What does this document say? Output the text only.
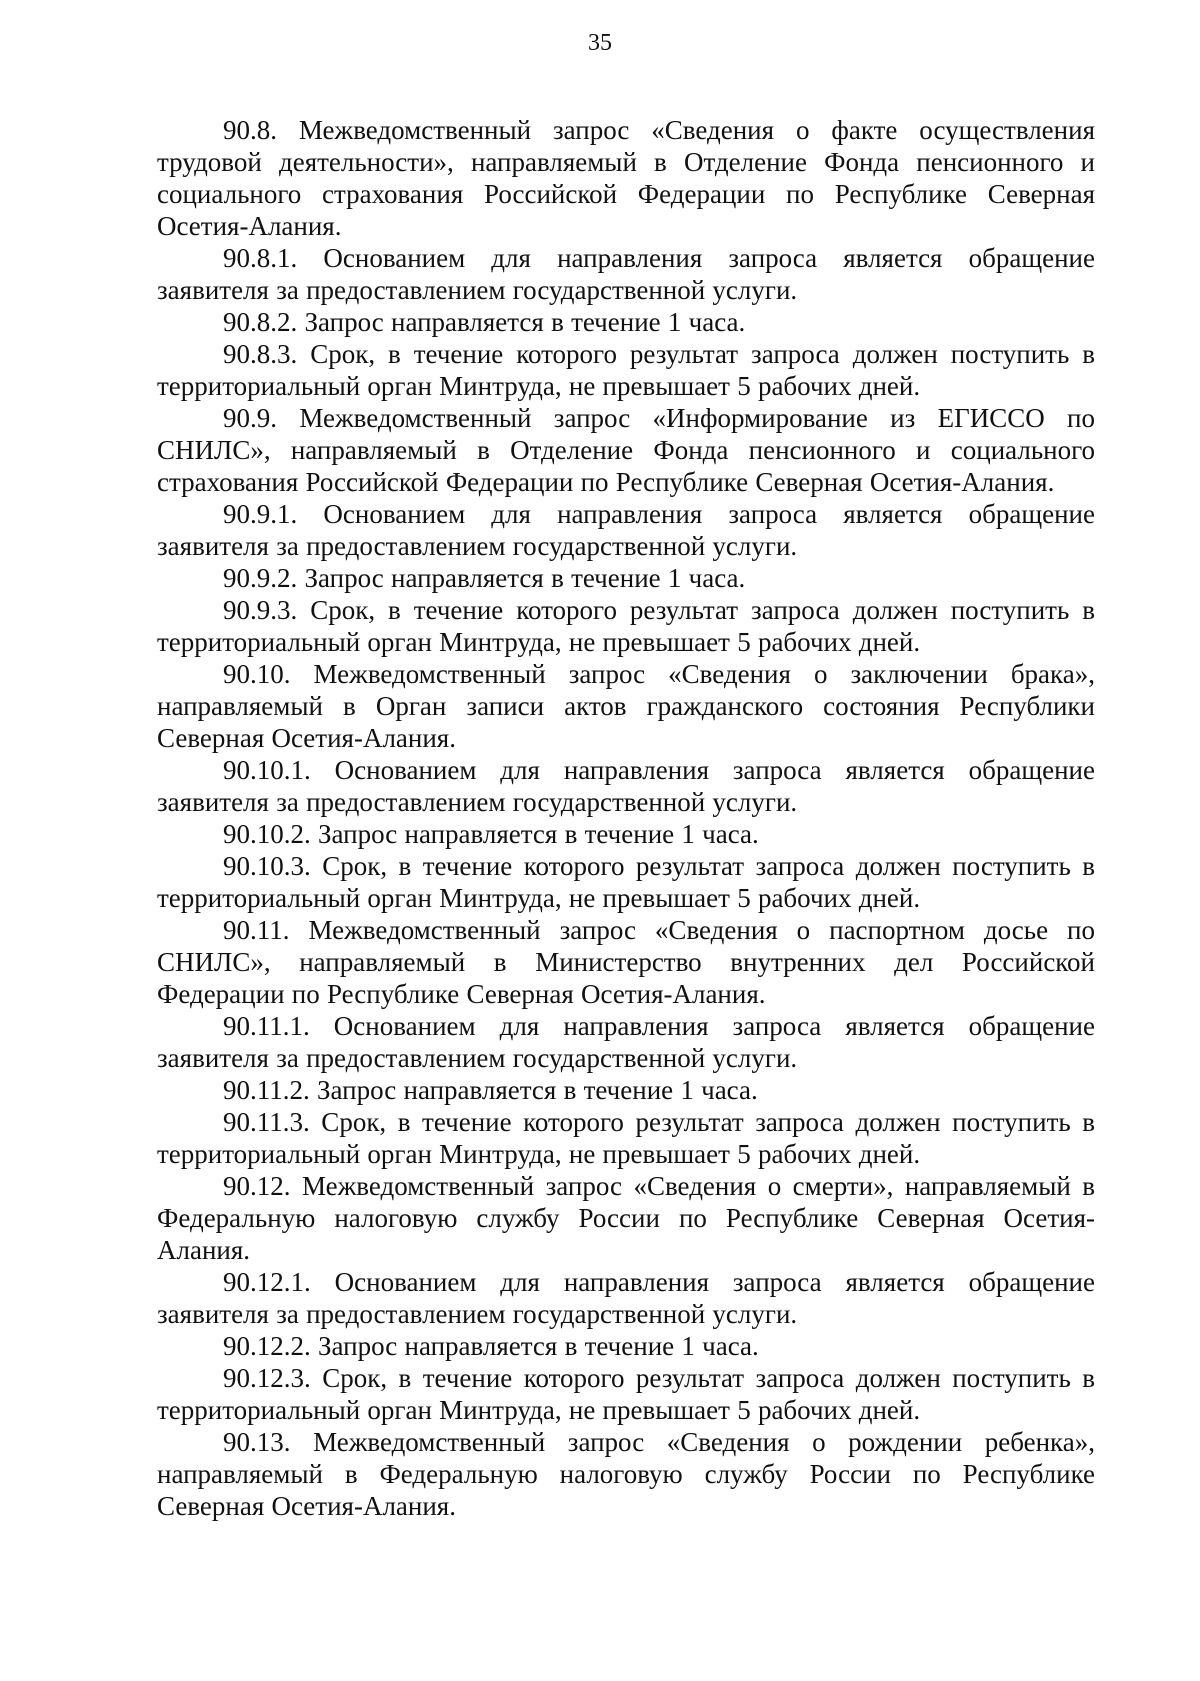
35

90.8. Межведомственный запрос «Сведения о факте осуществления трудовой деятельности», направляемый в Отделение Фонда пенсионного и социального страхования Российской Федерации по Республике Северная Осетия-Алания.

90.8.1. Основанием для направления запроса является обращение заявителя за предоставлением государственной услуги.

90.8.2. Запрос направляется в течение 1 часа.

90.8.3. Срок, в течение которого результат запроса должен поступить в территориальный орган Минтруда, не превышает 5 рабочих дней.

90.9. Межведомственный запрос «Информирование из ЕГИССО по СНИЛС», направляемый в Отделение Фонда пенсионного и социального страхования Российской Федерации по Республике Северная Осетия-Алания.

90.9.1. Основанием для направления запроса является обращение заявителя за предоставлением государственной услуги.

90.9.2. Запрос направляется в течение 1 часа.

90.9.3. Срок, в течение которого результат запроса должен поступить в территориальный орган Минтруда, не превышает 5 рабочих дней.

90.10. Межведомственный запрос «Сведения о заключении брака», направляемый в Орган записи актов гражданского состояния Республики Северная Осетия-Алания.

90.10.1. Основанием для направления запроса является обращение заявителя за предоставлением государственной услуги.

90.10.2. Запрос направляется в течение 1 часа.

90.10.3. Срок, в течение которого результат запроса должен поступить в территориальный орган Минтруда, не превышает 5 рабочих дней.

90.11. Межведомственный запрос «Сведения о паспортном досье по СНИЛС», направляемый в Министерство внутренних дел Российской Федерации по Республике Северная Осетия-Алания.

90.11.1. Основанием для направления запроса является обращение заявителя за предоставлением государственной услуги.

90.11.2. Запрос направляется в течение 1 часа.

90.11.3. Срок, в течение которого результат запроса должен поступить в территориальный орган Минтруда, не превышает 5 рабочих дней.

90.12. Межведомственный запрос «Сведения о смерти», направляемый в Федеральную налоговую службу России по Республике Северная Осетия-Алания.

90.12.1. Основанием для направления запроса является обращение заявителя за предоставлением государственной услуги.

90.12.2. Запрос направляется в течение 1 часа.

90.12.3. Срок, в течение которого результат запроса должен поступить в территориальный орган Минтруда, не превышает 5 рабочих дней.

90.13. Межведомственный запрос «Сведения о рождении ребенка», направляемый в Федеральную налоговую службу России по Республике Северная Осетия-Алания.
